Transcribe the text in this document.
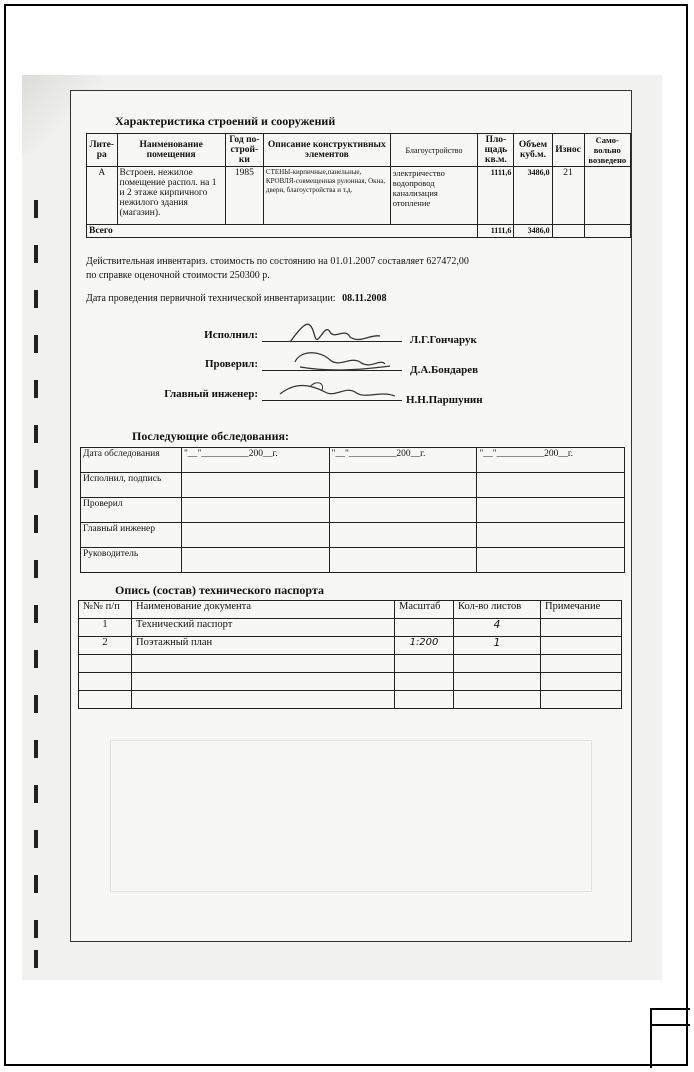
Характеристика строений и сооружений
Лите-ра	Наименование помещения	Год по-строй-ки	Описание конструктивных элементов	Благоустройство	Пло-щадь кв.м.	Объем куб.м.	Износ	Само-вольно возведено
А	Встроен. нежилое помещение распол. на 1 и 2 этаже кирпичного нежилого здания (магазин).	1985	СТЕНЫ-кирпичные,панельные, КРОВЛЯ-совмещенная рулонная, Окна, двери, благоустройства и т.д.	электричество водопровод канализация отопление	1111,6	3486,0	21	
Всего					1111,6	3486,0		
Действительная инвентариз. стоимость по состоянию на 01.01.2007 составляет 627472,00
по справке оценочной стоимости 250300 р.
Дата проведения первичной технической инвентаризации: 08.11.2008
Исполнил:	Л.Г.Гончарук
Проверил:	Д.А.Бондарев
Главный инженер:	Н.Н.Паршунин
Последующие обследования:
Дата обследования	"__"__________200__г.	"__"__________200__г.	"__"__________200__г.
Исполнил, подпись			
Проверил			
Главный инженер			
Руководитель			
Опись (состав) технического паспорта
№№ п/п	Наименование документа	Масштаб	Кол-во листов	Примечание
1	Технический паспорт		4	
2	Поэтажный план	1:200	1	
